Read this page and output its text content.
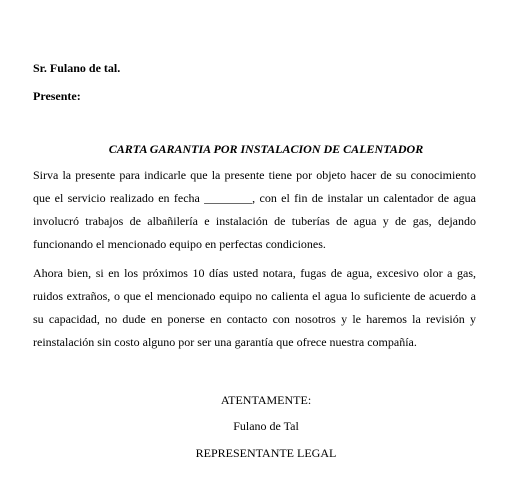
Sr. Fulano de tal.
Presente:
CARTA GARANTIA POR INSTALACION DE CALENTADOR
Sirva la presente para indicarle que la presente tiene por objeto hacer de su conocimiento
que el servicio realizado en fecha ________, con el fin de instalar un calentador de agua
involucró trabajos de albañilería e instalación de tuberías de agua y de gas, dejando
funcionando el mencionado equipo en perfectas condiciones.
Ahora bien, si en los próximos 10 días usted notara, fugas de agua, excesivo olor a gas,
ruidos extraños, o que el mencionado equipo no calienta el agua lo suficiente de acuerdo a
su capacidad, no dude en ponerse en contacto con nosotros y le haremos la revisión y
reinstalación sin costo alguno por ser una garantía que ofrece nuestra compañía.
ATENTAMENTE:
Fulano de Tal
REPRESENTANTE LEGAL
